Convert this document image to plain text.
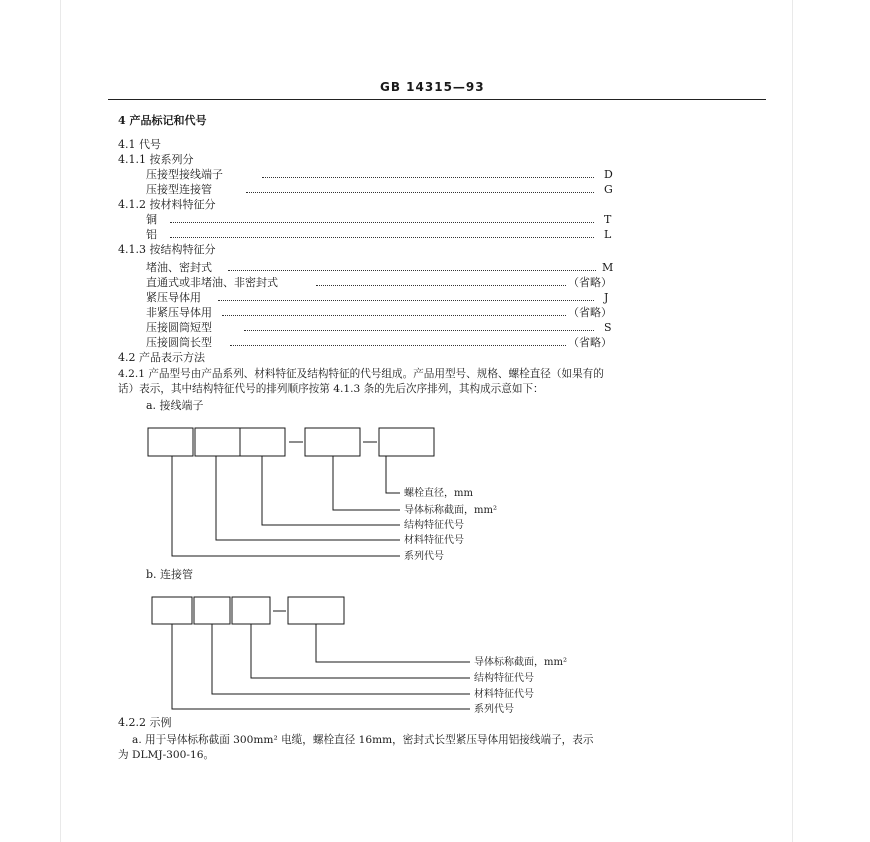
GB 14315—93
4 产品标记和代号
4.1 代号
4.1.1 按系列分
压接型接线端子	D
压接型连接管	G
4.1.2 按材料特征分
铜	T
铝	L
4.1.3 按结构特征分
堵油、密封式	M
直通式或非堵油、非密封式	（省略）
紧压导体用	J
非紧压导体用	（省略）
压接圆筒短型	S
压接圆筒长型	（省略）
4.2 产品表示方法
4.2.1 产品型号由产品系列、材料特征及结构特征的代号组成。产品用型号、规格、螺栓直径（如果有的
话）表示，其中结构特征代号的排列顺序按第 4.1.3 条的先后次序排列，其构成示意如下：
a. 接线端子
螺栓直径，mm
导体标称截面，mm²
结构特征代号
材料特征代号
系列代号
b. 连接管
导体标称截面，mm²
结构特征代号
材料特征代号
系列代号
4.2.2 示例
a. 用于导体标称截面 300mm² 电缆，螺栓直径 16mm，密封式长型紧压导体用铝接线端子，表示
为 DLMJ-300-16。
